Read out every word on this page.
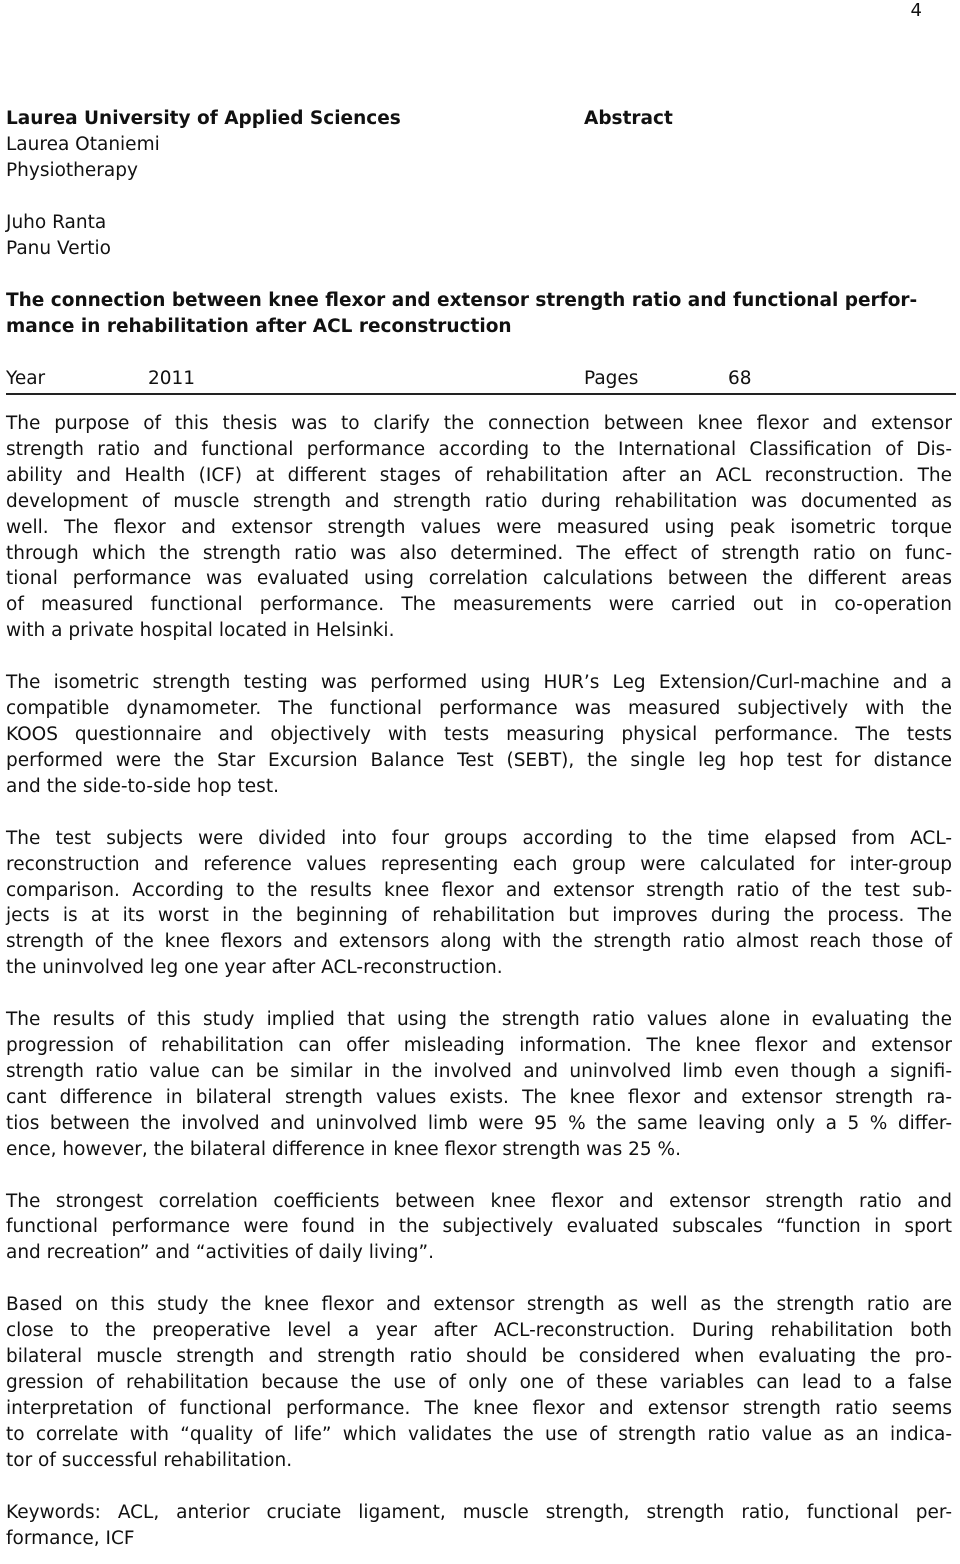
4
Laurea University of Applied Sciences	Abstract
Laurea Otaniemi
Physiotherapy
Juho Ranta
Panu Vertio
The connection between knee flexor and extensor strength ratio and functional perfor-
mance in rehabilitation after ACL reconstruction
Year	2011	Pages	68
The purpose of this thesis was to clarify the connection between knee flexor and extensor
strength ratio and functional performance according to the International Classification of Dis-
ability and Health (ICF) at different stages of rehabilitation after an ACL reconstruction. The
development of muscle strength and strength ratio during rehabilitation was documented as
well. The flexor and extensor strength values were measured using peak isometric torque
through which the strength ratio was also determined. The effect of strength ratio on func-
tional performance was evaluated using correlation calculations between the different areas
of measured functional performance. The measurements were carried out in co-operation
with a private hospital located in Helsinki.
The isometric strength testing was performed using HUR’s Leg Extension/Curl-machine and a
compatible dynamometer. The functional performance was measured subjectively with the
KOOS questionnaire and objectively with tests measuring physical performance. The tests
performed were the Star Excursion Balance Test (SEBT), the single leg hop test for distance
and the side-to-side hop test.
The test subjects were divided into four groups according to the time elapsed from ACL-
reconstruction and reference values representing each group were calculated for inter-group
comparison. According to the results knee flexor and extensor strength ratio of the test sub-
jects is at its worst in the beginning of rehabilitation but improves during the process. The
strength of the knee flexors and extensors along with the strength ratio almost reach those of
the uninvolved leg one year after ACL-reconstruction.
The results of this study implied that using the strength ratio values alone in evaluating the
progression of rehabilitation can offer misleading information. The knee flexor and extensor
strength ratio value can be similar in the involved and uninvolved limb even though a signifi-
cant difference in bilateral strength values exists. The knee flexor and extensor strength ra-
tios between the involved and uninvolved limb were 95 % the same leaving only a 5 % differ-
ence, however, the bilateral difference in knee flexor strength was 25 %.
The strongest correlation coefficients between knee flexor and extensor strength ratio and
functional performance were found in the subjectively evaluated subscales “function in sport
and recreation” and “activities of daily living”.
Based on this study the knee flexor and extensor strength as well as the strength ratio are
close to the preoperative level a year after ACL-reconstruction. During rehabilitation both
bilateral muscle strength and strength ratio should be considered when evaluating the pro-
gression of rehabilitation because the use of only one of these variables can lead to a false
interpretation of functional performance. The knee flexor and extensor strength ratio seems
to correlate with “quality of life” which validates the use of strength ratio value as an indica-
tor of successful rehabilitation.
Keywords: ACL, anterior cruciate ligament, muscle strength, strength ratio, functional per-
formance, ICF
